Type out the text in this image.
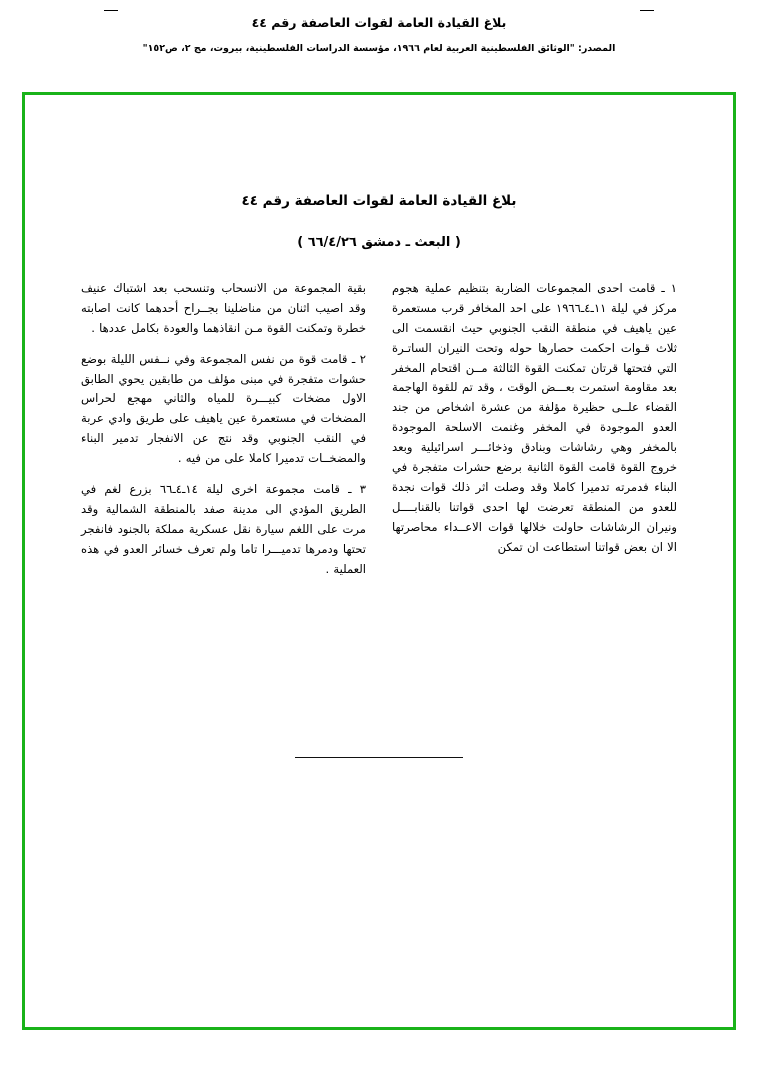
بلاغ القيادة العامة لقوات العاصفة رقم ٤٤
المصدر: "الوثائق الفلسطينية العربية لعام ١٩٦٦، مؤسسة الدراسات الفلسطينية، بيروت، مج ٢، ص١٥٢"
بلاغ القيادة العامة لقوات العاصفة رقم ٤٤
( البعث ـ دمشق ٦٦/٤/٢٦ )

١ ـ قامت احدى المجموعات الضاربة بتنظيم عملية هجوم مركز في ليلة ١١ـ٤ـ١٩٦٦ على احد المخافر قرب مستعمرة عين ياهيف في منطقة النقب الجنوبي حيث انقسمت الى ثلاث قـوات احكمت حصارها حوله وتحت النيران الساتـرة التي فتحتها قرتان تمكنت القوة الثالثة مــن اقتحام المخفر بعد مقاومة استمرت بعـــض الوقت ، وقد تم للقوة الهاجمة القضاء علــى حظيرة مؤلفة من عشرة اشخاص من جند العدو الموجودة في المخفر وغنمت الاسلحة الموجودة بالمخفر وهي رشاشات وبنادق وذخائـــر اسرائيلية وبعد خروج القوة قامت القوة الثانية برضع حشرات متفجرة في البناء فدمرته تدميرا كاملا وقد وصلت اثر ذلك قوات نجدة للعدو من المنطقة تعرضت لها احدى قواتنا بالقنابــــل ونيران الرشاشات حاولت خلالها قوات الاعــداء محاصرتها الا ان بعض قواتنا استطاعت ان تمكن

بقية المجموعة من الانسحاب وتنسحب بعد اشتباك عنيف وقد اصيب اثنان من مناضلينا بجــراح أحدهما كانت اصابته خطرة وتمكنت القوة مـن انقاذهما والعودة بكامل عددها .

٢ ـ قامت قوة من نفس المجموعة وفي نــفس الليلة بوضع حشوات متفجرة في مبنى مؤلف من طابقين يحوي الطابق الاول مضخات كبيـــرة للمياه والثاني مهجع لحراس المضخات في مستعمرة عين ياهيف على طريق وادي عربة في النقب الجنوبي وقد نتج عن الانفجار تدمير البناء والمضخــات تدميرا كاملا على من فيه .

٣ ـ قامت مجموعة اخرى ليلة ١٤ـ٤ـ٦٦ بزرع لغم في الطريق المؤدي الى مدينة صفد بالمنطقة الشمالية وقد مرت على اللغم سيارة نقل عسكرية مملكة بالجنود فانفجر تحتها ودمرها تدميـــرا تاما ولم تعرف خسائر العدو في هذه العملية .
